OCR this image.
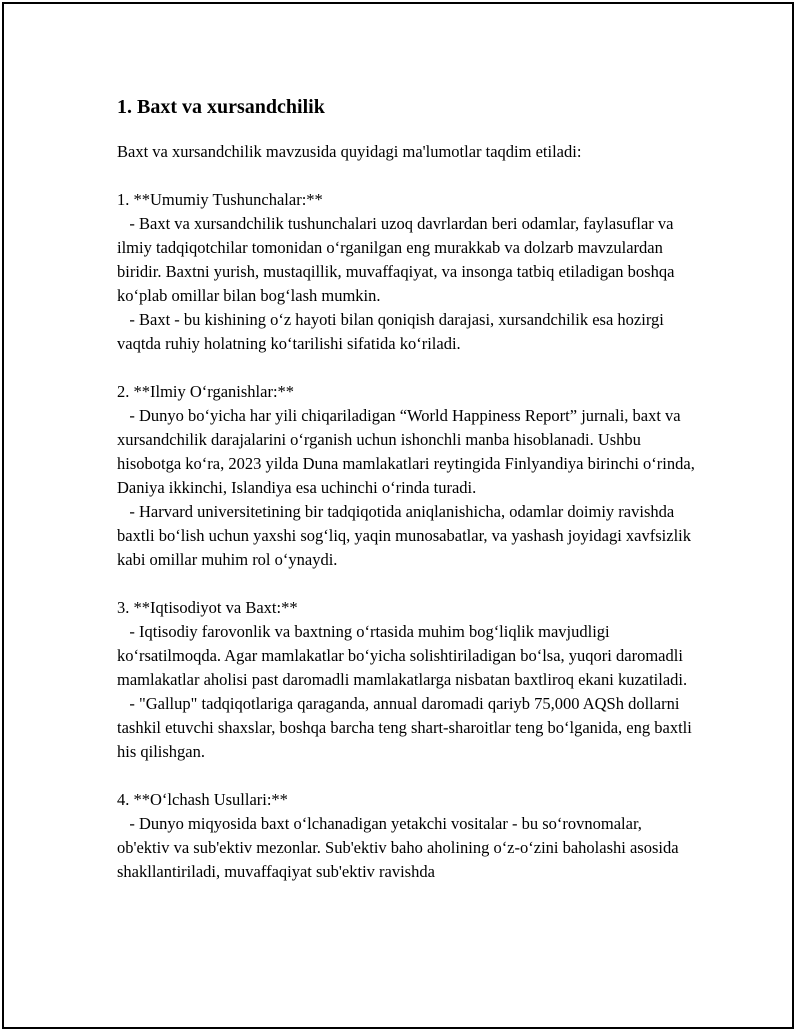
1. Baxt va xursandchilik
Baxt va xursandchilik mavzusida quyidagi ma'lumotlar taqdim etiladi:
1. **Umumiy Tushunchalar:**

- Baxt va xursandchilik tushunchalari uzoq davrlardan beri odamlar, faylasuflar va ilmiy tadqiqotchilar tomonidan o‘rganilgan eng murakkab va dolzarb mavzulardan biridir. Baxtni yurish, mustaqillik, muvaffaqiyat, va insonga tatbiq etiladigan boshqa ko‘plab omillar bilan bog‘lash mumkin.

- Baxt - bu kishining o‘z hayoti bilan qoniqish darajasi, xursandchilik esa hozirgi vaqtda ruhiy holatning ko‘tarilishi sifatida ko‘riladi.

2. **Ilmiy O‘rganishlar:**

- Dunyo bo‘yicha har yili chiqariladigan “World Happiness Report” jurnali, baxt va xursandchilik darajalarini o‘rganish uchun ishonchli manba hisoblanadi. Ushbu hisobotga ko‘ra, 2023 yilda Duna mamlakatlari reytingida Finlyandiya birinchi o‘rinda, Daniya ikkinchi, Islandiya esa uchinchi o‘rinda turadi.

- Harvard universitetining bir tadqiqotida aniqlanishicha, odamlar doimiy ravishda baxtli bo‘lish uchun yaxshi sog‘liq, yaqin munosabatlar, va yashash joyidagi xavfsizlik kabi omillar muhim rol o‘ynaydi.

3. **Iqtisodiyot va Baxt:**

- Iqtisodiy farovonlik va baxtning o‘rtasida muhim bog‘liqlik mavjudligi ko‘rsatilmoqda. Agar mamlakatlar bo‘yicha solishtiriladigan bo‘lsa, yuqori daromadli mamlakatlar aholisi past daromadli mamlakatlarga nisbatan baxtliroq ekani kuzatiladi.

- "Gallup" tadqiqotlariga qaraganda, annual daromadi qariyb 75,000 AQSh dollarni tashkil etuvchi shaxslar, boshqa barcha teng shart-sharoitlar teng bo‘lganida, eng baxtli his qilishgan.

4. **O‘lchash Usullari:**

- Dunyo miqyosida baxt o‘lchanadigan yetakchi vositalar - bu so‘rovnomalar, ob'ektiv va sub'ektiv mezonlar. Sub'ektiv baho aholining o‘z-o‘zini baholashi asosida shakllantiriladi, muvaffaqiyat sub'ektiv ravishda
